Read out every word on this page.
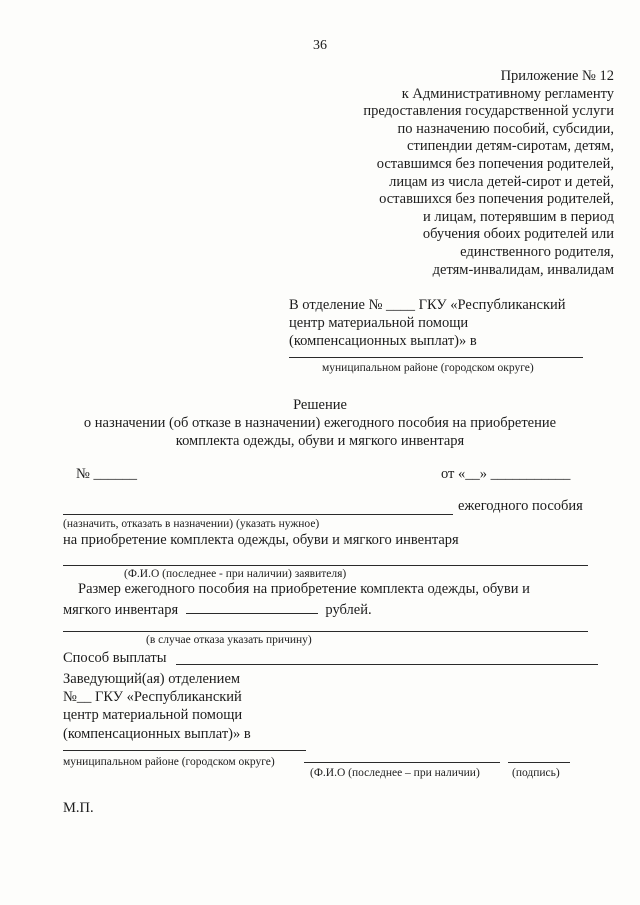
36
Приложение № 12
к Административному регламенту
предоставления государственной услуги
по назначению пособий, субсидии,
стипендии детям-сиротам, детям,
оставшимся без попечения родителей,
лицам из числа детей-сирот и детей,
оставшихся без попечения родителей,
и лицам, потерявшим в период
обучения обоих родителей или
единственного родителя,
детям-инвалидам, инвалидам
В отделение № ____ ГКУ «Республиканский
центр материальной помощи
(компенсационных выплат)» в
муниципальном районе (городском округе)
Решение
о назначении (об отказе в назначении) ежегодного пособия на приобретение
комплекта одежды, обуви и мягкого инвентаря
№ ______	от «__» ___________
ежегодного пособия
(назначить, отказать в назначении) (указать нужное)
на приобретение комплекта одежды, обуви и мягкого инвентаря
(Ф.И.О (последнее - при наличии) заявителя)
Размер ежегодного пособия на приобретение комплекта одежды, обуви и
мягкого инвентаря	рублей.
(в случае отказа указать причину)
Способ выплаты
Заведующий(ая) отделением
№__ ГКУ «Республиканский
центр материальной помощи
(компенсационных выплат)» в
муниципальном районе (городском округе)
(Ф.И.О (последнее – при наличии)	(подпись)
М.П.
